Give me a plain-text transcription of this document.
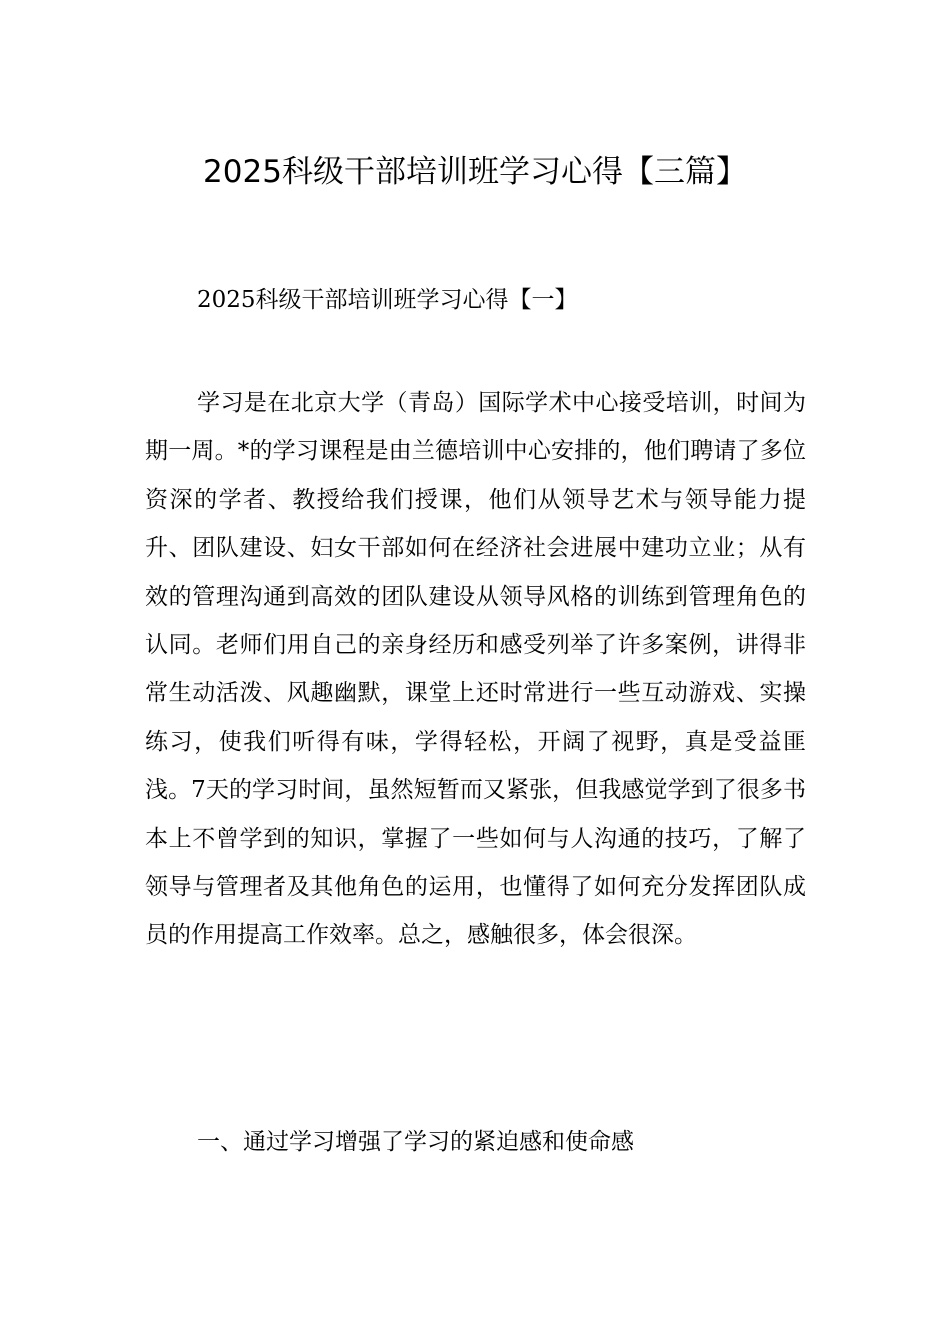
2025科级干部培训班学习心得【三篇】
2025科级干部培训班学习心得【一】

学习是在北京大学（青岛）国际学术中心接受培训，时间为期一周。*的学习课程是由兰德培训中心安排的，他们聘请了多位资深的学者、教授给我们授课，他们从领导艺术与领导能力提升、团队建设、妇女干部如何在经济社会进展中建功立业；从有效的管理沟通到高效的团队建设从领导风格的训练到管理角色的认同。老师们用自己的亲身经历和感受列举了许多案例，讲得非常生动活泼、风趣幽默，课堂上还时常进行一些互动游戏、实操练习，使我们听得有味，学得轻松，开阔了视野，真是受益匪浅。7天的学习时间，虽然短暂而又紧张，但我感觉学到了很多书本上不曾学到的知识，掌握了一些如何与人沟通的技巧，了解了领导与管理者及其他角色的运用，也懂得了如何充分发挥团队成员的作用提高工作效率。总之，感触很多，体会很深。

一、通过学习增强了学习的紧迫感和使命感
